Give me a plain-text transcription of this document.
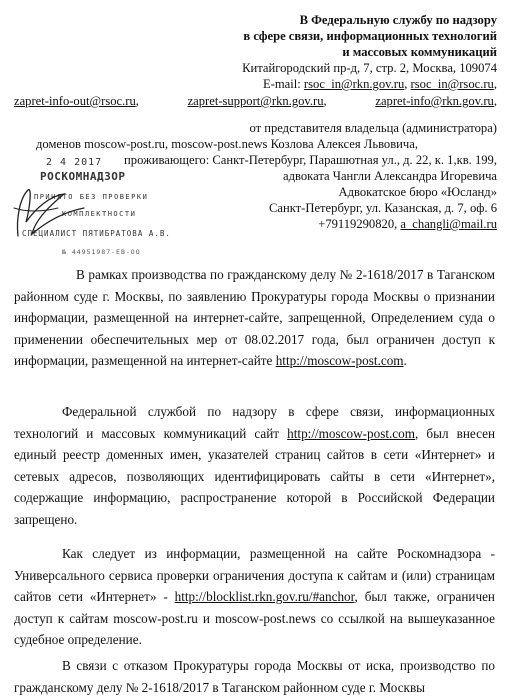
В Федеральную службу по надзору
в сфере связи, информационных технологий
и массовых коммуникаций
Китайгородский пр-д, 7, стр. 2, Москва, 109074
E-mail: rsoc_in@rkn.gov.ru, rsoc_in@rsoc.ru,
zapret-info-out@rsoc.ru,	zapret-support@rkn.gov.ru,	zapret-info@rkn.gov.ru,
от представителя владельца (администратора)
доменов moscow-post.ru, moscow-post.news Козлова Алексея Львовича,
проживающего: Санкт-Петербург, Парашютная ул., д. 22, к. 1,кв. 199,
адвоката Чангли Александра Игоревича
Адвокатское бюро «Юсланд»
Санкт-Петербург, ул. Казанская, д. 7, оф. 6
+79119290820, a_changli@mail.ru
2 4 2017
РОСКОМНАДЗОР
ПРИНЯТО БЕЗ ПРОВЕРКИ
КОМПЛЕКТНОСТИ
СПЕЦИАЛИСТ ПЯТИБРАТОВА А.В.
№ 44951987-ЕВ-ОО

В рамках производства по гражданскому делу № 2-1618/2017 в Таганском районном суде г. Москвы, по заявлению Прокуратуры города Москвы о признании информации, размещенной на интернет-сайте, запрещенной, Определением суда о применении обеспечительных мер от 08.02.2017 года, был ограничен доступ к информации, размещенной на интернет-сайте http://moscow-post.com.

Федеральной службой по надзору в сфере связи, информационных технологий и массовых коммуникаций сайт http://moscow-post.com, был внесен единый реестр доменных имен, указателей страниц сайтов в сети «Интернет» и сетевых адресов, позволяющих идентифицировать сайты в сети «Интернет», содержащие информацию, распространение которой в Российской Федерации запрещено.

Как следует из информации, размещенной на сайте Роскомнадзора - Универсального сервиса проверки ограничения доступа к сайтам и (или) страницам сайтов сети «Интернет» - http://blocklist.rkn.gov.ru/#anchor, был также, ограничен доступ к сайтам moscow-post.ru и moscow-post.news со ссылкой на вышеуказанное судебное определение.

В связи с отказом Прокуратуры города Москвы от иска, производство по гражданскому делу № 2-1618/2017 в Таганском районном суде г. Москвы
